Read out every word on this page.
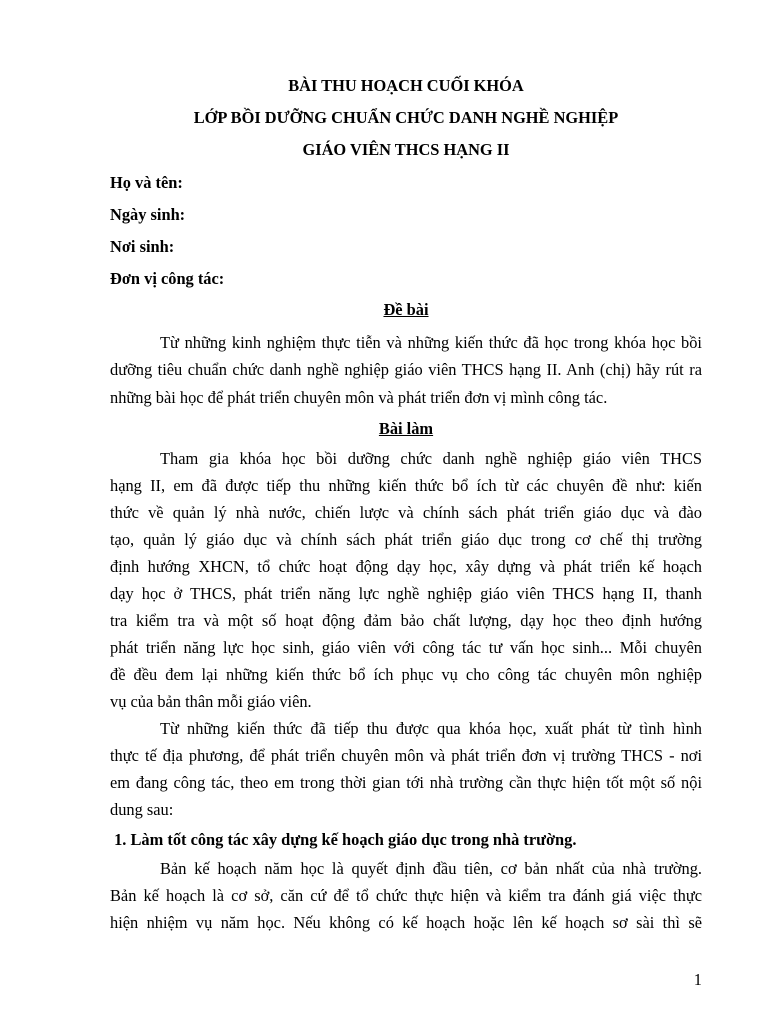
BÀI THU HOẠCH CUỐI KHÓA
LỚP BỒI DƯỠNG CHUẨN CHỨC DANH NGHỀ NGHIỆP
GIÁO VIÊN THCS HẠNG II
Họ và tên:
Ngày sinh:
Nơi sinh:
Đơn vị công tác:
Đề bài
Từ những kinh nghiệm thực tiễn và những kiến thức đã học trong khóa học bồi
dưỡng tiêu chuẩn chức danh nghề nghiệp giáo viên THCS hạng II. Anh (chị) hãy rút ra
những bài học để phát triển chuyên môn và phát triển đơn vị mình công tác.
Bài làm
Tham gia khóa học bồi dưỡng chức danh nghề nghiệp giáo viên THCS
hạng II, em đã được tiếp thu những kiến thức bổ ích từ các chuyên đề như: kiến
thức về quản lý nhà nước, chiến lược và chính sách phát triển giáo dục và đào
tạo, quản lý giáo dục và chính sách phát triển giáo dục trong cơ chế thị trường
định hướng XHCN, tổ chức hoạt động dạy học, xây dựng và phát triển kế hoạch
dạy học ở THCS, phát triển năng lực nghề nghiệp giáo viên THCS hạng II, thanh
tra kiểm tra và một số hoạt động đảm bảo chất lượng, dạy học theo định hướng
phát triển năng lực học sinh, giáo viên với công tác tư vấn học sinh... Mỗi chuyên
đề đều đem lại những kiến thức bổ ích phục vụ cho công tác chuyên môn nghiệp
vụ của bản thân mỗi giáo viên.
Từ những kiến thức đã tiếp thu được qua khóa học, xuất phát từ tình hình
thực tế địa phương, để phát triển chuyên môn và phát triển đơn vị trường THCS - nơi
em đang công tác, theo em trong thời gian tới nhà trường cần thực hiện tốt một số nội
dung sau:
1. Làm tốt công tác xây dựng kế hoạch giáo dục trong nhà trường.
Bản kế hoạch năm học là quyết định đầu tiên, cơ bản nhất của nhà trường.
Bản kế hoạch là cơ sở, căn cứ để tổ chức thực hiện và kiểm tra đánh giá việc thực
hiện nhiệm vụ năm học. Nếu không có kế hoạch hoặc lên kế hoạch sơ sài thì sẽ
1
